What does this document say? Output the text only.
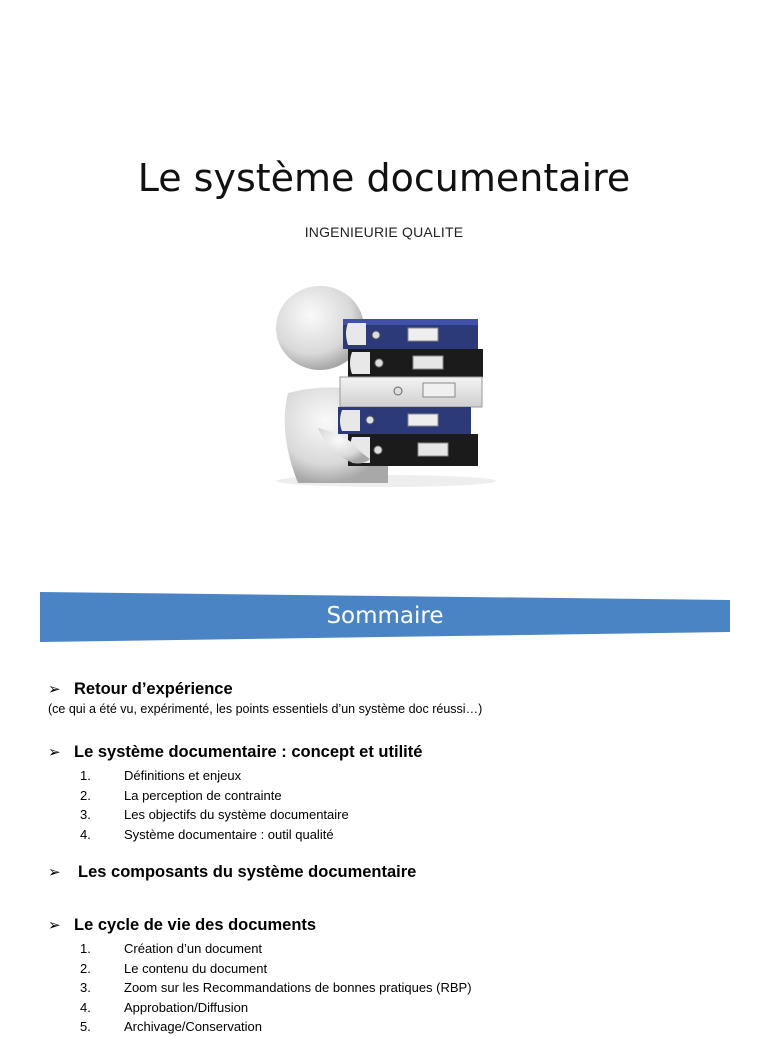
Le système documentaire
INGENIEURIE QUALITE
Sommaire
➢ Retour d’expérience
(ce qui a été vu, expérimenté, les points essentiels d’un système doc réussi…)
➢ Le système documentaire : concept et utilité
1.	Définitions et enjeux
2.	La perception de contrainte
3.	Les objectifs du système documentaire
4.	Système documentaire : outil qualité
➢	Les composants du système documentaire
➢ Le cycle de vie des documents
1.	Création d’un document
2.	Le contenu du document
3.	Zoom sur les Recommandations de bonnes pratiques (RBP)
4.	Approbation/Diffusion
5.	Archivage/Conservation
